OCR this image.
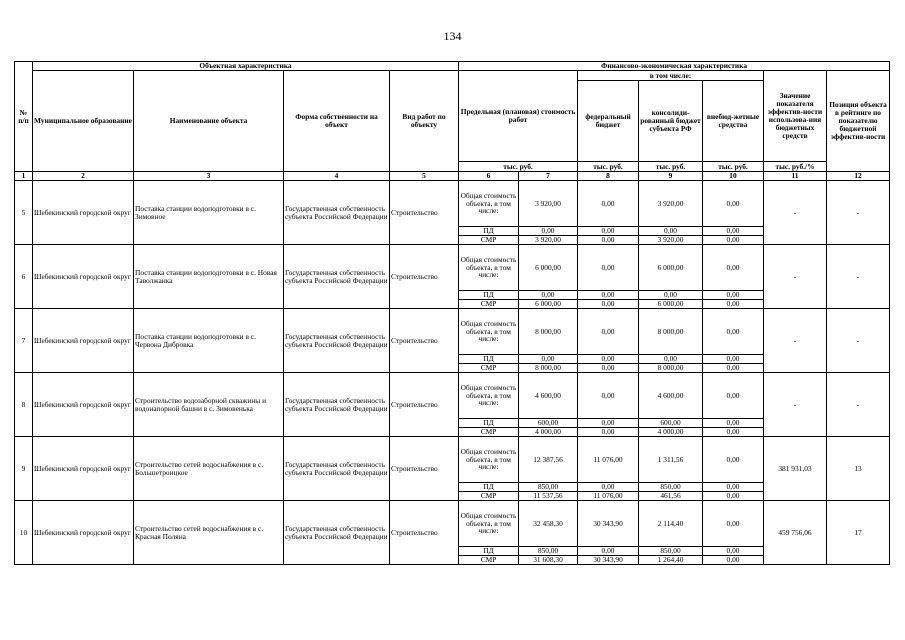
134
№ п/п	Объектная характеристика				Финансово-экономическая характеристика						
	Муниципальное образование	Наименование объекта	Форма собственности на объект	Вид работ по объекту	Предельная (плановая) стоимость работ		в том числе:			Значение показателя эффектив-ности использова-ния бюджетных средств	Позиция объекта в рейтинге по показателю бюджетной эффектив-ности
							федеральный бюджет	консолиди-рованный бюджет субъекта РФ	внебюд-жетные средства		
					тыс. руб.		тыс. руб.	тыс. руб.	тыс. руб.	тыс. руб./%	
1	2	3	4	5	6	7	8	9	10	11	12
5	Шебекинский городской округ	Поставка станции водоподготовки в с. Зимовное	Государственная собственность субъекта Российской Федерации	Строительство	Общая стоимость объекта, в том числе:	3 920,00	0,00	3 920,00	0,00	-	-
					ПД	0,00	0,00	0,00	0,00		
					СМР	3 920,00	0,00	3 920,00	0,00		
6	Шебекинский городской округ	Поставка станции водоподготовки в с. Новая Таволжанка	Государственная собственность субъекта Российской Федерации	Строительство	Общая стоимость объекта, в том числе:	6 000,00	0,00	6 000,00	0,00	-	-
					ПД	0,00	0,00	0,00	0,00		
					СМР	6 000,00	0,00	6 000,00	0,00		
7	Шебекинский городской округ	Поставка станции водоподготовки в с. Червона Дибровка	Государственная собственность субъекта Российской Федерации	Строительство	Общая стоимость объекта, в том числе:	8 000,00	0,00	8 000,00	0,00	-	-
					ПД	0,00	0,00	0,00	0,00		
					СМР	8 000,00	0,00	8 000,00	0,00		
8	Шебекинский городской округ	Строительство водозаборной скважины и водонапорной башни в с. Зимовенька	Государственная собственность субъекта Российской Федерации	Строительство	Общая стоимость объекта, в том числе:	4 600,00	0,00	4 600,00	0,00	-	-
					ПД	600,00	0,00	600,00	0,00		
					СМР	4 000,00	0,00	4 000,00	0,00		
9	Шебекинский городской округ	Строительство сетей водоснабжения в с. Большетроицкое	Государственная собственность субъекта Российской Федерации	Строительство	Общая стоимость объекта, в том числе:	12 387,56	11 076,00	1 311,56	0,00	381 931,03	13
					ПД	850,00	0,00	850,00	0,00		
					СМР	11 537,56	11 076,00	461,56	0,00		
10	Шебекинский городской округ	Строительство сетей водоснабжения в с. Красная Поляна	Государственная собственность субъекта Российской Федерации	Строительство	Общая стоимость объекта, в том числе:	32 458,30	30 343,90	2 114,40	0,00	459 756,06	17
					ПД	850,00	0,00	850,00	0,00		
					СМР	31 608,30	30 343,90	1 264,40	0,00		
